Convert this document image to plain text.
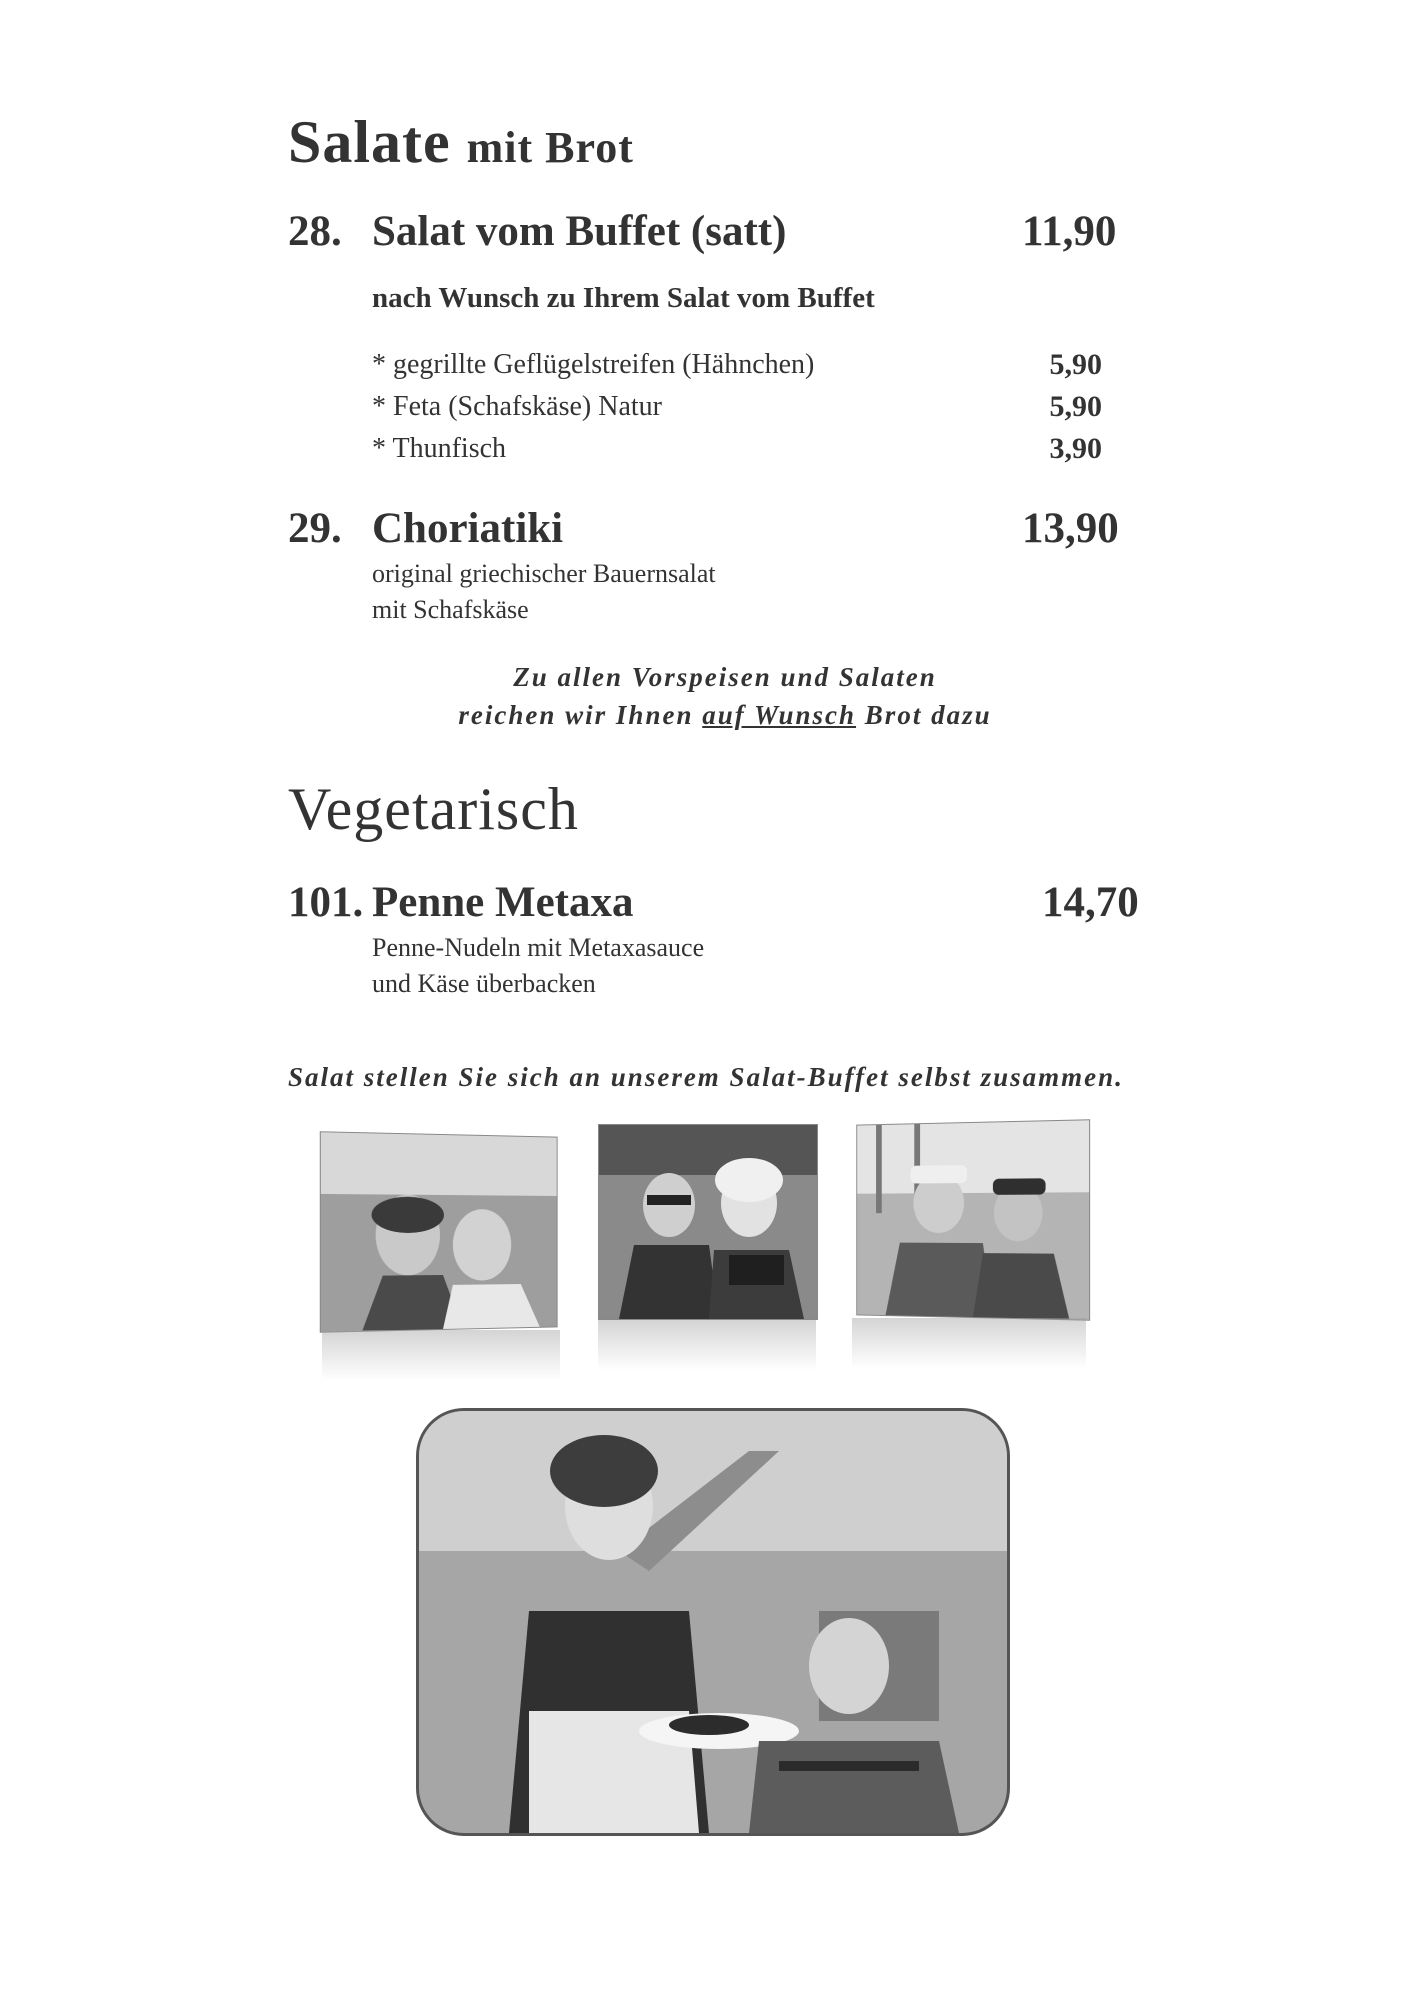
Salate mit Brot
28. Salat vom Buffet (satt)	11,90
nach Wunsch zu Ihrem Salat vom Buffet
* gegrillte Geflügelstreifen (Hähnchen)	5,90
* Feta (Schafskäse) Natur	5,90
* Thunfisch	3,90
29. Choriatiki	13,90
original griechischer Bauernsalat
mit Schafskäse
Zu allen Vorspeisen und Salaten
reichen wir Ihnen auf Wunsch Brot dazu
Vegetarisch
101. Penne Metaxa	14,70
Penne-Nudeln mit Metaxasauce
und Käse überbacken
Salat stellen Sie sich an unserem Salat-Buffet selbst zusammen.
